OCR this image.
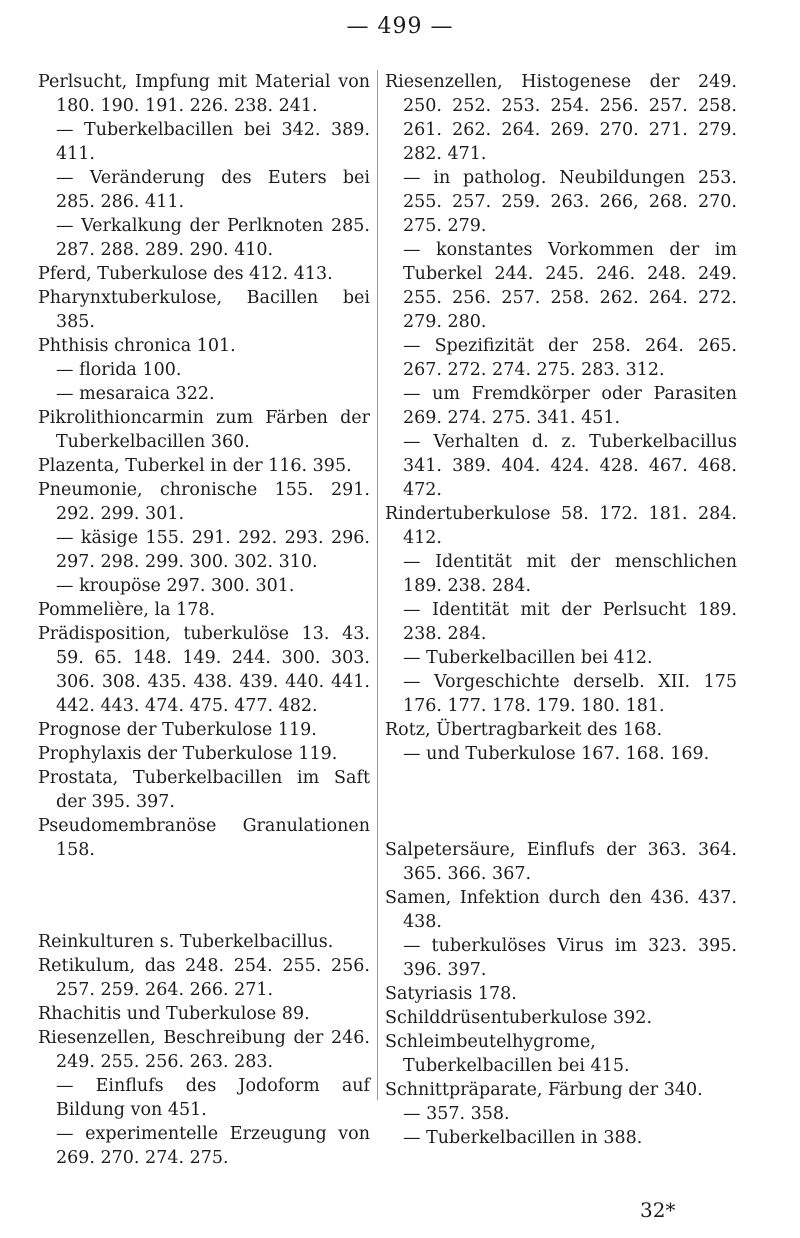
— 499 —

Perlsucht, Impfung mit Material von 180. 190. 191. 226. 238. 241.

— Tuberkelbacillen bei 342. 389. 411.

— Veränderung des Euters bei 285. 286. 411.

— Verkalkung der Perlknoten 285. 287. 288. 289. 290. 410.

Pferd, Tuberkulose des 412. 413.

Pharynxtuberkulose, Bacillen bei 385.

Phthisis chronica 101.

— florida 100.

— mesaraica 322.

Pikrolithioncarmin zum Färben der Tuberkelbacillen 360.

Plazenta, Tuberkel in der 116. 395.

Pneumonie, chronische 155. 291. 292. 299. 301.

— käsige 155. 291. 292. 293. 296. 297. 298. 299. 300. 302. 310.

— kroupöse 297. 300. 301.

Pommelière, la 178.

Prädisposition, tuberkulöse 13. 43. 59. 65. 148. 149. 244. 300. 303. 306. 308. 435. 438. 439. 440. 441. 442. 443. 474. 475. 477. 482.

Prognose der Tuberkulose 119.

Prophylaxis der Tuberkulose 119.

Prostata, Tuberkelbacillen im Saft der 395. 397.

Pseudomembranöse Granulationen 158.

Reinkulturen s. Tuberkelbacillus.

Retikulum, das 248. 254. 255. 256. 257. 259. 264. 266. 271.

Rhachitis und Tuberkulose 89.

Riesenzellen, Beschreibung der 246. 249. 255. 256. 263. 283.

— Einflufs des Jodoform auf Bildung von 451.

— experimentelle Erzeugung von 269. 270. 274. 275.

Riesenzellen, Histogenese der 249. 250. 252. 253. 254. 256. 257. 258. 261. 262. 264. 269. 270. 271. 279. 282. 471.

— in patholog. Neubildungen 253. 255. 257. 259. 263. 266, 268. 270. 275. 279.

— konstantes Vorkommen der im Tuberkel 244. 245. 246. 248. 249. 255. 256. 257. 258. 262. 264. 272. 279. 280.

— Spezifizität der 258. 264. 265. 267. 272. 274. 275. 283. 312.

— um Fremdkörper oder Parasiten 269. 274. 275. 341. 451.

— Verhalten d. z. Tuberkelbacillus 341. 389. 404. 424. 428. 467. 468. 472.

Rindertuberkulose 58. 172. 181. 284. 412.

— Identität mit der menschlichen 189. 238. 284.

— Identität mit der Perlsucht 189. 238. 284.

— Tuberkelbacillen bei 412.

— Vorgeschichte derselb. XII. 175 176. 177. 178. 179. 180. 181.

Rotz, Übertragbarkeit des 168.

— und Tuberkulose 167. 168. 169.

Salpetersäure, Einflufs der 363. 364. 365. 366. 367.

Samen, Infektion durch den 436. 437. 438.

— tuberkulöses Virus im 323. 395. 396. 397.

Satyriasis 178.

Schilddrüsentuberkulose 392.

Schleimbeutelhygrome, Tuberkelbacillen bei 415.

Schnittpräparate, Färbung der 340.

— 357. 358.

— Tuberkelbacillen in 388.

32*
